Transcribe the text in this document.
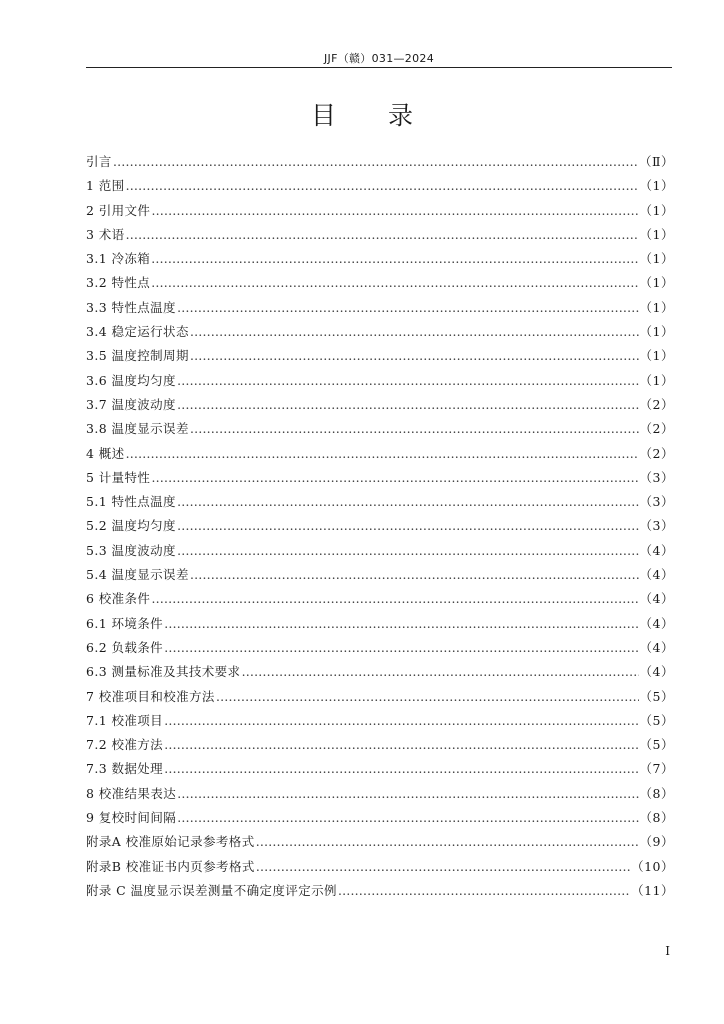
JJF（赣）031—2024
目 录
引言 ……………………………………………………………………………………………………………………………………………………………………………………	（Ⅱ）
1 范围 ……………………………………………………………………………………………………………………………………………………………………………………	（1）
2 引用文件 ……………………………………………………………………………………………………………………………………………………………………………………	（1）
3 术语 ……………………………………………………………………………………………………………………………………………………………………………………	（1）
3.1 冷冻箱 ……………………………………………………………………………………………………………………………………………………………………………………	（1）
3.2 特性点 ……………………………………………………………………………………………………………………………………………………………………………………	（1）
3.3 特性点温度 ……………………………………………………………………………………………………………………………………………………………………………………	（1）
3.4 稳定运行状态 ……………………………………………………………………………………………………………………………………………………………………………………	（1）
3.5 温度控制周期 ……………………………………………………………………………………………………………………………………………………………………………………	（1）
3.6 温度均匀度 ……………………………………………………………………………………………………………………………………………………………………………………	（1）
3.7 温度波动度 ……………………………………………………………………………………………………………………………………………………………………………………	（2）
3.8 温度显示误差 ……………………………………………………………………………………………………………………………………………………………………………………	（2）
4 概述 ……………………………………………………………………………………………………………………………………………………………………………………	（2）
5 计量特性 ……………………………………………………………………………………………………………………………………………………………………………………	（3）
5.1 特性点温度 ……………………………………………………………………………………………………………………………………………………………………………………	（3）
5.2 温度均匀度 ……………………………………………………………………………………………………………………………………………………………………………………	（3）
5.3 温度波动度 ……………………………………………………………………………………………………………………………………………………………………………………	（4）
5.4 温度显示误差 ……………………………………………………………………………………………………………………………………………………………………………………	（4）
6 校准条件 ……………………………………………………………………………………………………………………………………………………………………………………	（4）
6.1 环境条件 ……………………………………………………………………………………………………………………………………………………………………………………	（4）
6.2 负载条件 ……………………………………………………………………………………………………………………………………………………………………………………	（4）
6.3 测量标准及其技术要求 ……………………………………………………………………………………………………………………………………………………………………………………	（4）
7 校准项目和校准方法 ……………………………………………………………………………………………………………………………………………………………………………………	（5）
7.1 校准项目 ……………………………………………………………………………………………………………………………………………………………………………………	（5）
7.2 校准方法 ……………………………………………………………………………………………………………………………………………………………………………………	（5）
7.3 数据处理 ……………………………………………………………………………………………………………………………………………………………………………………	（7）
8 校准结果表达 ……………………………………………………………………………………………………………………………………………………………………………………	（8）
9 复校时间间隔 ……………………………………………………………………………………………………………………………………………………………………………………	（8）
附录A 校准原始记录参考格式 ……………………………………………………………………………………………………………………………………………………………………………………	（9）
附录B 校准证书内页参考格式 ……………………………………………………………………………………………………………………………………………………………………………………	（10）
附录 C 温度显示误差测量不确定度评定示例 ……………………………………………………………………………………………………………………………………………………………………………………	（11）
I
